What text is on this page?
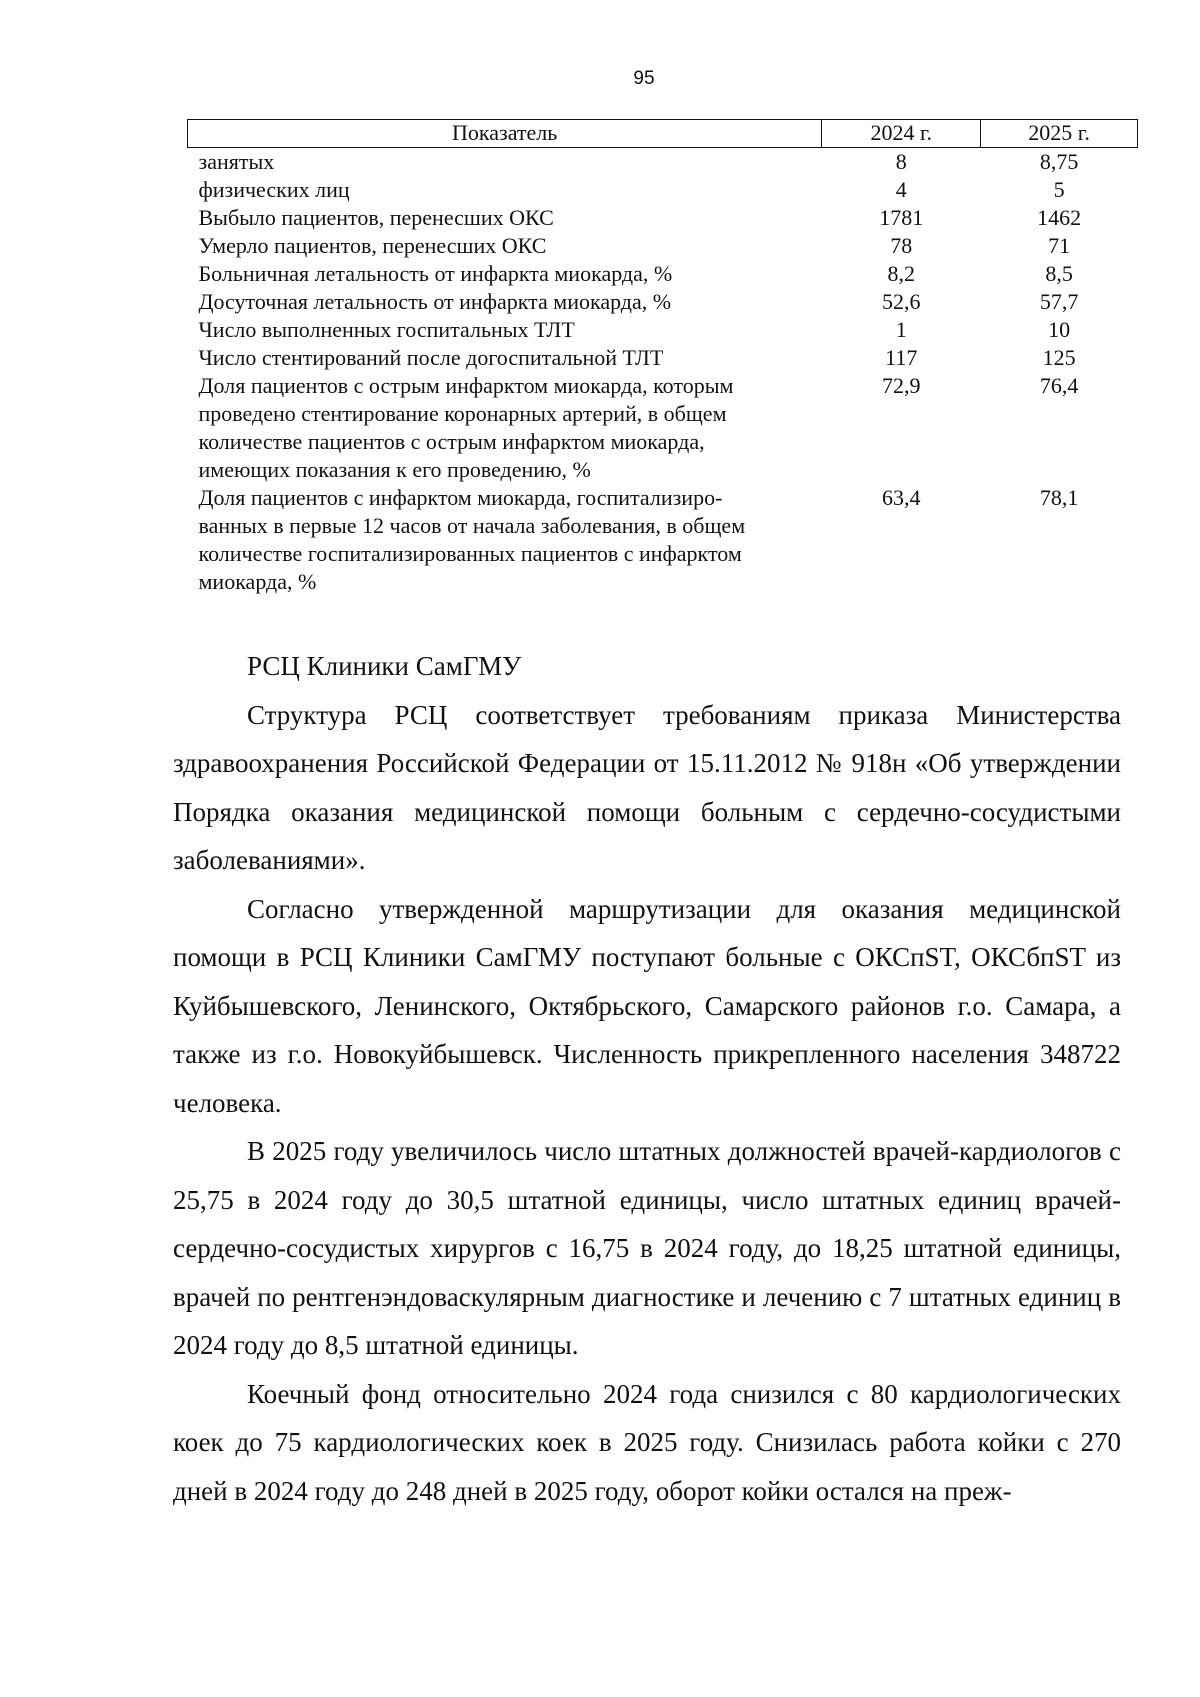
95
Показатель	2024 г.	2025 г.
занятых	8	8,75
физических лиц	4	5
Выбыло пациентов, перенесших ОКС	1781	1462
Умерло пациентов, перенесших ОКС	78	71
Больничная летальность от инфаркта миокарда, %	8,2	8,5
Досуточная летальность от инфаркта миокарда, %	52,6	57,7
Число выполненных госпитальных ТЛТ	1	10
Число стентирований после догоспитальной ТЛТ	117	125

Доля пациентов с острым инфарктом миокарда, которым
проведено стентирование коронарных артерий, в общем
количестве пациентов с острым инфарктом миокарда,
имеющих показания к его проведению, %	72,9	76,4

Доля пациентов с инфарктом миокарда, госпитализиро-
ванных в первые 12 часов от начала заболевания, в общем
количестве госпитализированных пациентов с инфарктом
миокарда, %	63,4	78,1

РСЦ Клиники СамГМУ

Структура РСЦ соответствует требованиям приказа Министерства здравоохранения Российской Федерации от 15.11.2012 № 918н «Об утверждении Порядка оказания медицинской помощи больным с сердечно-сосудистыми заболеваниями».

Согласно утвержденной маршрутизации для оказания медицинской помощи в РСЦ Клиники СамГМУ поступают больные с ОКСпST, ОКСбпST из Куйбышевского, Ленинского, Октябрьского, Самарского районов г.о. Самара, а также из г.о. Новокуйбышевск. Численность прикрепленного населения 348722 человека.

В 2025 году увеличилось число штатных должностей врачей-кардиологов с 25,75 в 2024 году до 30,5 штатной единицы, число штатных единиц врачей-сердечно-сосудистых хирургов с 16,75 в 2024 году, до 18,25 штатной единицы, врачей по рентгенэндоваскулярным диагностике и лечению с 7 штатных единиц в 2024 году до 8,5 штатной единицы.

Коечный фонд относительно 2024 года снизился с 80 кардиологических коек до 75 кардиологических коек в 2025 году. Снизилась работа койки с 270 дней в 2024 году до 248 дней в 2025 году, оборот койки остался на преж-
